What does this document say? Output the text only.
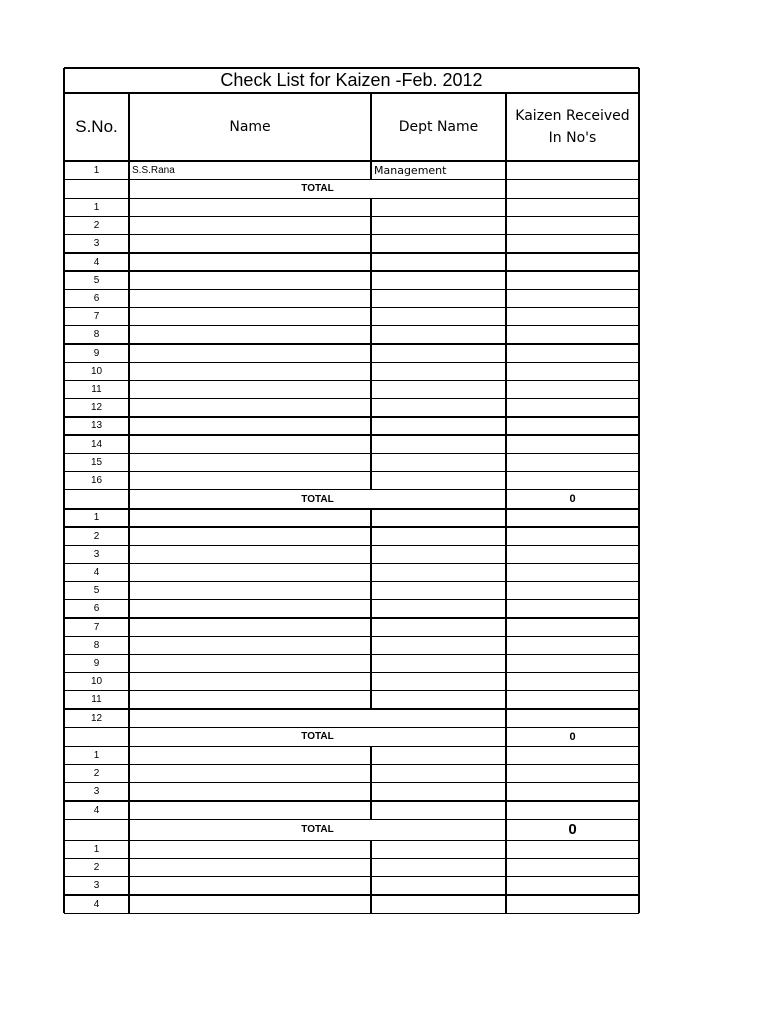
Check List for Kaizen -Feb. 2012
S.No.	Name	Dept Name
Kaizen Received
In No's
1	S.S.Rana	Management
TOTAL
1
2
3
4
5
6
7
8
9
10
11
12
13
14
15
16
TOTAL	0
1
2
3
4
5
6
7
8
9
10
11
12
TOTAL	0
1
2
3
4
TOTAL	0
1
2
3
4
